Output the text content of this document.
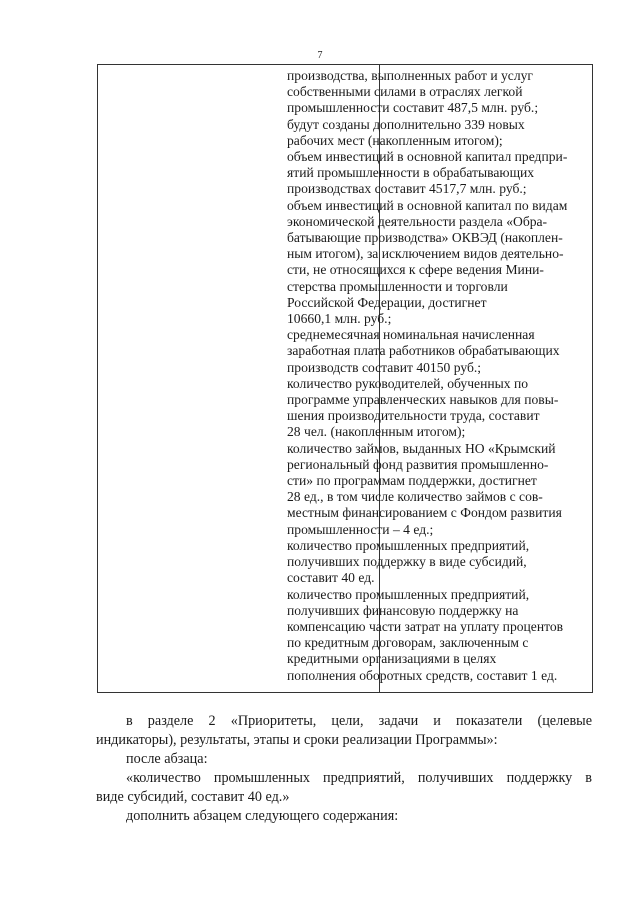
7
производства, выполненных работ и услуг
собственными силами в отраслях легкой
промышленности составит 487,5 млн. руб.;
будут созданы дополнительно 339 новых
рабочих мест (накопленным итогом);
объем инвестиций в основной капитал предпри-
ятий промышленности в обрабатывающих
производствах составит 4517,7 млн. руб.;
объем инвестиций в основной капитал по видам
экономической деятельности раздела «Обра-
батывающие производства» ОКВЭД (накоплен-
ным итогом), за исключением видов деятельно-
сти, не относящихся к сфере ведения Мини-
стерства промышленности и торговли
Российской Федерации, достигнет
10660,1 млн. руб.;
среднемесячная номинальная начисленная
заработная плата работников обрабатывающих
производств составит 40150 руб.;
количество руководителей, обученных по
программе управленческих навыков для повы-
шения производительности труда, составит
28 чел. (накопленным итогом);
количество займов, выданных НО «Крымский
региональный фонд развития промышленно-
сти» по программам поддержки, достигнет
28 ед., в том числе количество займов с сов-
местным финансированием с Фондом развития
промышленности – 4 ед.;
количество промышленных предприятий,
получивших поддержку в виде субсидий,
составит 40 ед.
количество промышленных предприятий,
получивших финансовую поддержку на
компенсацию части затрат на уплату процентов
по кредитным договорам, заключенным с
кредитными организациями в целях
пополнения оборотных средств, составит 1 ед.
в разделе 2 «Приоритеты, цели, задачи и показатели (целевые
индикаторы), результаты, этапы и сроки реализации Программы»:
после абзаца:
«количество промышленных предприятий, получивших поддержку в
виде субсидий, составит 40 ед.»
дополнить абзацем следующего содержания:
